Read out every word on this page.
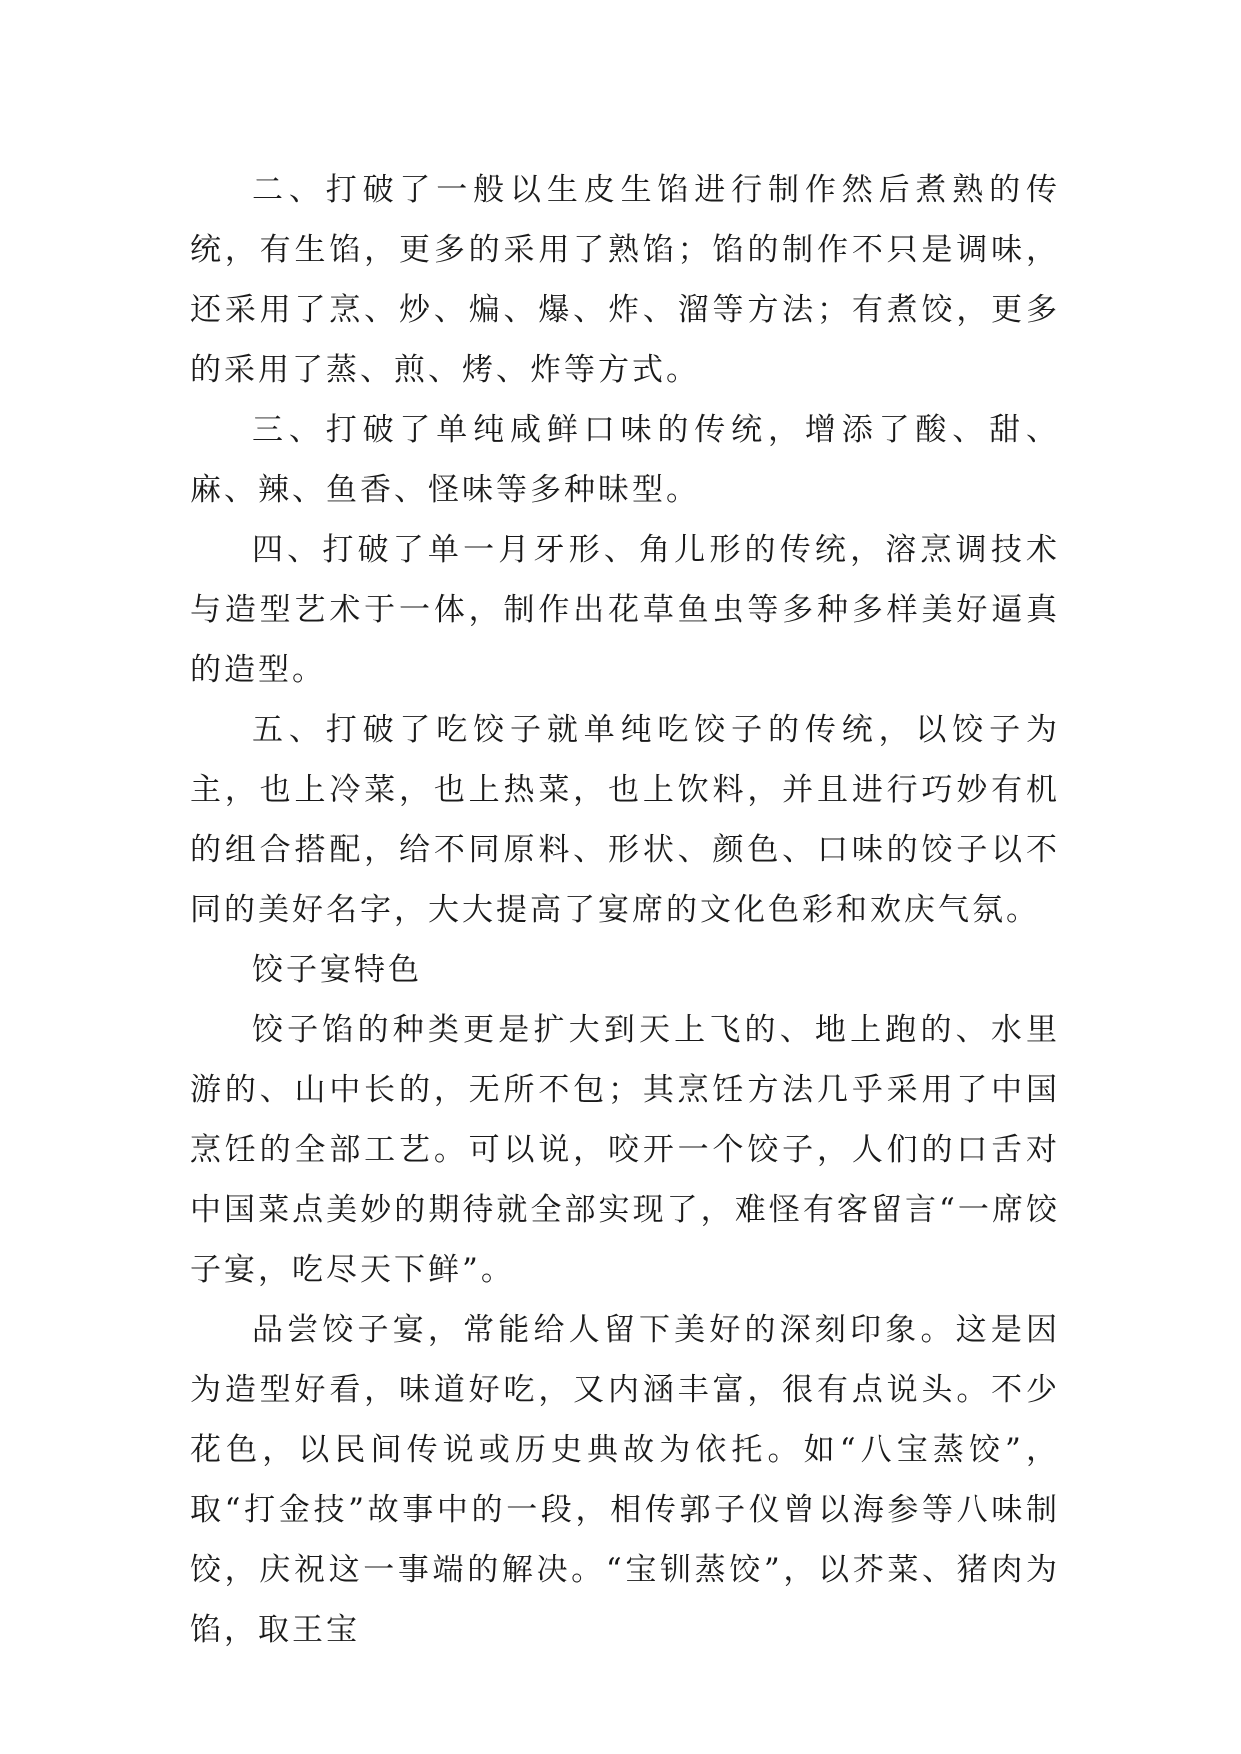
二、打破了一般以生皮生馅进行制作然后煮熟的传统，有生馅，更多的采用了熟馅；馅的制作不只是调味，还采用了烹、炒、煸、爆、炸、溜等方法；有煮饺，更多的采用了蒸、煎、烤、炸等方式。

三、打破了单纯咸鲜口味的传统，增添了酸、甜、麻、辣、鱼香、怪味等多种昧型。

四、打破了单一月牙形、角儿形的传统，溶烹调技术与造型艺术于一体，制作出花草鱼虫等多种多样美好逼真的造型。

五、打破了吃饺子就单纯吃饺子的传统，以饺子为主，也上冷菜，也上热菜，也上饮料，并且进行巧妙有机的组合搭配，给不同原料、形状、颜色、口味的饺子以不同的美好名字，大大提高了宴席的文化色彩和欢庆气氛。

饺子宴特色

饺子馅的种类更是扩大到天上飞的、地上跑的、水里游的、山中长的，无所不包；其烹饪方法几乎采用了中国烹饪的全部工艺。可以说，咬开一个饺子，人们的口舌对中国菜点美妙的期待就全部实现了，难怪有客留言“一席饺子宴，吃尽天下鲜”。

品尝饺子宴，常能给人留下美好的深刻印象。这是因为造型好看，味道好吃，又内涵丰富，很有点说头。不少花色，以民间传说或历史典故为依托。如“八宝蒸饺”，取“打金技”故事中的一段，相传郭子仪曾以海参等八味制饺，庆祝这一事端的解决。“宝钏蒸饺”，以芥菜、猪肉为馅，取王宝
